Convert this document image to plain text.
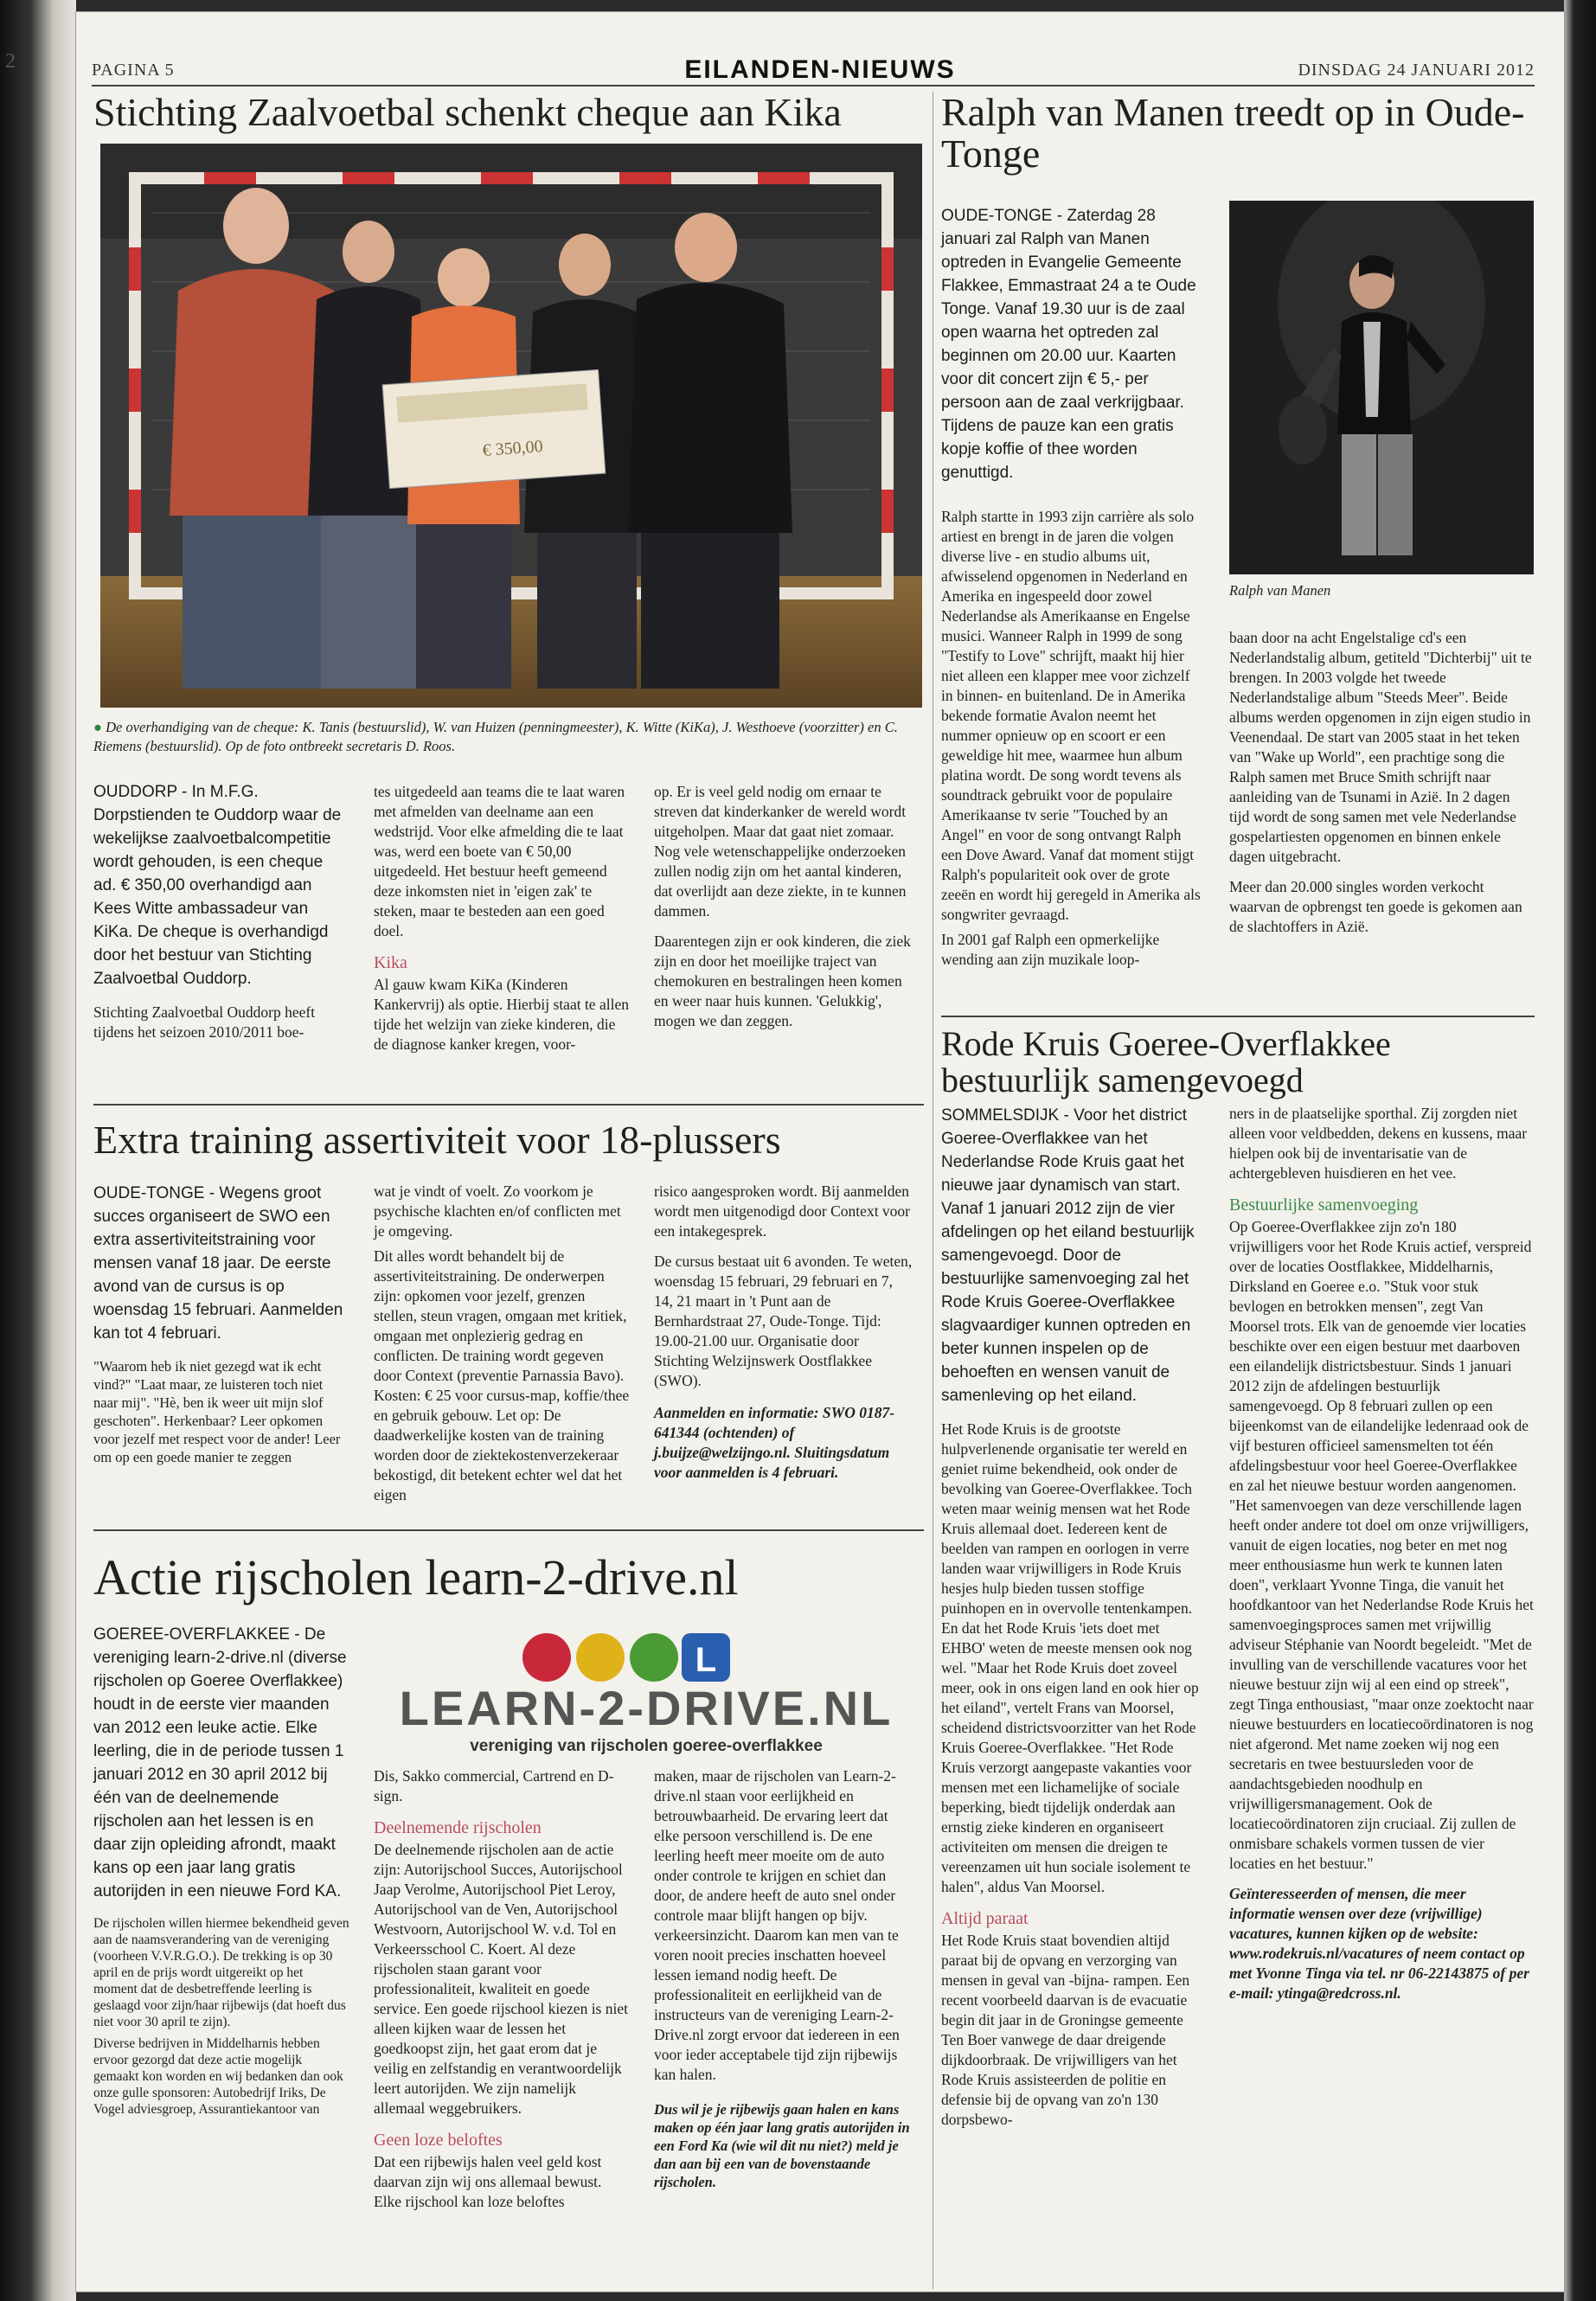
2	PAGINA 5	EILANDEN-NIEUWS	DINSDAG 24 JANUARI 2012
Stichting Zaalvoetbal schenkt cheque aan Kika
€ 350,00
● De overhandiging van de cheque: K. Tanis (bestuurslid), W. van Huizen (penningmeester), K. Witte (KiKa), J. Westhoeve (voorzitter) en C. Riemens (bestuurslid). Op de foto ontbreekt secretaris D. Roos.

OUDDORP - In M.F.G. Dorpstienden te Ouddorp waar de wekelijkse zaalvoetbalcompetitie wordt gehouden, is een cheque ad. € 350,00 overhandigd aan Kees Witte ambassadeur van KiKa. De cheque is overhandigd door het bestuur van Stichting Zaalvoetbal Ouddorp.

Stichting Zaalvoetbal Ouddorp heeft tijdens het seizoen 2010/2011 boe-

tes uitgedeeld aan teams die te laat waren met afmelden van deelname aan een wedstrijd. Voor elke afmelding die te laat was, werd een boete van € 50,00 uitgedeeld. Het bestuur heeft gemeend deze inkomsten niet in 'eigen zak' te steken, maar te besteden aan een goed doel.

Kika

Al gauw kwam KiKa (Kinderen Kankervrij) als optie. Hierbij staat te allen tijde het welzijn van zieke kinderen, die de diagnose kanker kregen, voor-

op. Er is veel geld nodig om ernaar te streven dat kinderkanker de wereld wordt uitgeholpen. Maar dat gaat niet zomaar. Nog vele wetenschappelijke onderzoeken zullen nodig zijn om het aantal kinderen, dat overlijdt aan deze ziekte, in te kunnen dammen.

Daarentegen zijn er ook kinderen, die ziek zijn en door het moeilijke traject van chemokuren en bestralingen heen komen en weer naar huis kunnen. 'Gelukkig', mogen we dan zeggen.

Ralph van Manen treedt op in Oude-Tonge
OUDE-TONGE - Zaterdag 28 januari zal Ralph van Manen optreden in Evangelie Gemeente Flakkee, Emmastraat 24 a te Oude Tonge. Vanaf 19.30 uur is de zaal open waarna het optreden zal beginnen om 20.00 uur. Kaarten voor dit concert zijn € 5,- per persoon aan de zaal verkrijgbaar. Tijdens de pauze kan een gratis kopje koffie of thee worden genuttigd.
Ralph van Manen

Ralph startte in 1993 zijn carrière als solo artiest en brengt in de jaren die volgen diverse live - en studio albums uit, afwisselend opgenomen in Nederland en Amerika en ingespeeld door zowel Nederlandse als Amerikaanse en Engelse musici. Wanneer Ralph in 1999 de song "Testify to Love" schrijft, maakt hij hier niet alleen een klapper mee voor zichzelf in binnen- en buitenland. De in Amerika bekende formatie Avalon neemt het nummer opnieuw op en scoort er een geweldige hit mee, waarmee hun album platina wordt. De song wordt tevens als soundtrack gebruikt voor de populaire Amerikaanse tv serie "Touched by an Angel" en voor de song ontvangt Ralph een Dove Award. Vanaf dat moment stijgt Ralph's populariteit ook over de grote zeeën en wordt hij geregeld in Amerika als songwriter gevraagd.

In 2001 gaf Ralph een opmerkelijke wending aan zijn muzikale loop-

baan door na acht Engelstalige cd's een Nederlandstalig album, getiteld "Dichterbij" uit te brengen. In 2003 volgde het tweede Nederlandstalige album "Steeds Meer". Beide albums werden opgenomen in zijn eigen studio in Veenendaal. De start van 2005 staat in het teken van "Wake up World", een prachtige song die Ralph samen met Bruce Smith schrijft naar aanleiding van de Tsunami in Azië. In 2 dagen tijd wordt de song samen met vele Nederlandse gospelartiesten opgenomen en binnen enkele dagen uitgebracht.

Meer dan 20.000 singles worden verkocht waarvan de opbrengst ten goede is gekomen aan de slachtoffers in Azië.

Extra training assertiviteit voor 18-plussers

OUDE-TONGE - Wegens groot succes organiseert de SWO een extra assertiviteitstraining voor mensen vanaf 18 jaar. De eerste avond van de cursus is op woensdag 15 februari. Aanmelden kan tot 4 februari.

"Waarom heb ik niet gezegd wat ik echt vind?" "Laat maar, ze luisteren toch niet naar mij". "Hè, ben ik weer uit mijn slof geschoten". Herkenbaar? Leer opkomen voor jezelf met respect voor de ander! Leer om op een goede manier te zeggen

wat je vindt of voelt. Zo voorkom je psychische klachten en/of conflicten met je omgeving.

Dit alles wordt behandelt bij de assertiviteitstraining. De onderwerpen zijn: opkomen voor jezelf, grenzen stellen, steun vragen, omgaan met kritiek, omgaan met onplezierig gedrag en conflicten. De training wordt gegeven door Context (preventie Parnassia Bavo). Kosten: € 25 voor cursus-map, koffie/thee en gebruik gebouw. Let op: De daadwerkelijke kosten van de training worden door de ziektekostenverzekeraar bekostigd, dit betekent echter wel dat het eigen

risico aangesproken wordt. Bij aanmelden wordt men uitgenodigd door Context voor een intakegesprek.

De cursus bestaat uit 6 avonden. Te weten, woensdag 15 februari, 29 februari en 7, 14, 21 maart in 't Punt aan de Bernhardstraat 27, Oude-Tonge. Tijd: 19.00-21.00 uur. Organisatie door Stichting Welzijnswerk Oostflakkee (SWO).

Aanmelden en informatie: SWO 0187-641344 (ochtenden) of j.buijze@welzijngo.nl. Sluitingsdatum voor aanmelden is 4 februari.

Rode Kruis Goeree-Overflakkee bestuurlijk samengevoegd

SOMMELSDIJK - Voor het district Goeree-Overflakkee van het Nederlandse Rode Kruis gaat het nieuwe jaar dynamisch van start. Vanaf 1 januari 2012 zijn de vier afdelingen op het eiland bestuurlijk samengevoegd. Door de bestuurlijke samenvoeging zal het Rode Kruis Goeree-Overflakkee slagvaardiger kunnen optreden en beter kunnen inspelen op de behoeften en wensen vanuit de samenleving op het eiland.

Het Rode Kruis is de grootste hulpverlenende organisatie ter wereld en geniet ruime bekendheid, ook onder de bevolking van Goeree-Overflakkee. Toch weten maar weinig mensen wat het Rode Kruis allemaal doet. Iedereen kent de beelden van rampen en oorlogen in verre landen waar vrijwilligers in Rode Kruis hesjes hulp bieden tussen stoffige puinhopen en in overvolle tentenkampen. En dat het Rode Kruis 'iets doet met EHBO' weten de meeste mensen ook nog wel. "Maar het Rode Kruis doet zoveel meer, ook in ons eigen land en ook hier op het eiland", vertelt Frans van Moorsel, scheidend districtsvoorzitter van het Rode Kruis Goeree-Overflakkee. "Het Rode Kruis verzorgt aangepaste vakanties voor mensen met een lichamelijke of sociale beperking, biedt tijdelijk onderdak aan ernstig zieke kinderen en organiseert activiteiten om mensen die dreigen te vereenzamen uit hun sociale isolement te halen", aldus Van Moorsel.

Altijd paraat

Het Rode Kruis staat bovendien altijd paraat bij de opvang en verzorging van mensen in geval van -bijna- rampen. Een recent voorbeeld daarvan is de evacuatie begin dit jaar in de Groningse gemeente Ten Boer vanwege de daar dreigende dijkdoorbraak. De vrijwilligers van het Rode Kruis assisteerden de politie en defensie bij de opvang van zo'n 130 dorpsbewo-

ners in de plaatselijke sporthal. Zij zorgden niet alleen voor veldbedden, dekens en kussens, maar hielpen ook bij de inventarisatie van de achtergebleven huisdieren en het vee.

Bestuurlijke samenvoeging

Op Goeree-Overflakkee zijn zo'n 180 vrijwilligers voor het Rode Kruis actief, verspreid over de locaties Oostflakkee, Middelharnis, Dirksland en Goeree e.o. "Stuk voor stuk bevlogen en betrokken mensen", zegt Van Moorsel trots. Elk van de genoemde vier locaties beschikte over een eigen bestuur met daarboven een eilandelijk districtsbestuur. Sinds 1 januari 2012 zijn de afdelingen bestuurlijk samengevoegd. Op 8 februari zullen op een bijeenkomst van de eilandelijke ledenraad ook de vijf besturen officieel samensmelten tot één afdelingsbestuur voor heel Goeree-Overflakkee en zal het nieuwe bestuur worden aangenomen. "Het samenvoegen van deze verschillende lagen heeft onder andere tot doel om onze vrijwilligers, vanuit de eigen locaties, nog beter en met nog meer enthousiasme hun werk te kunnen laten doen", verklaart Yvonne Tinga, die vanuit het hoofdkantoor van het Nederlandse Rode Kruis het samenvoegingsproces samen met vrijwillig adviseur Stéphanie van Noordt begeleidt. "Met de invulling van de verschillende vacatures voor het nieuwe bestuur zijn wij al een eind op streek", zegt Tinga enthousiast, "maar onze zoektocht naar nieuwe bestuurders en locatiecoördinatoren is nog niet afgerond. Met name zoeken wij nog een secretaris en twee bestuursleden voor de aandachtsgebieden noodhulp en vrijwilligersmanagement. Ook de locatiecoördinatoren zijn cruciaal. Zij zullen de onmisbare schakels vormen tussen de vier locaties en het bestuur."

Geïnteresseerden of mensen, die meer informatie wensen over deze (vrijwillige) vacatures, kunnen kijken op de website: www.rodekruis.nl/vacatures of neem contact op met Yvonne Tinga via tel. nr 06-22143875 of per e-mail: ytinga@redcross.nl.

Actie rijscholen learn-2-drive.nl

GOEREE-OVERFLAKKEE - De vereniging learn-2-drive.nl (diverse rijscholen op Goeree Overflakkee) houdt in de eerste vier maanden van 2012 een leuke actie. Elke leerling, die in de periode tussen 1 januari 2012 en 30 april 2012 bij één van de deelnemende rijscholen aan het lessen is en daar zijn opleiding afrondt, maakt kans op een jaar lang gratis autorijden in een nieuwe Ford KA.

De rijscholen willen hiermee bekendheid geven aan de naamsverandering van de vereniging (voorheen V.V.R.G.O.). De trekking is op 30 april en de prijs wordt uitgereikt op het moment dat de desbetreffende leerling is geslaagd voor zijn/haar rijbewijs (dat hoeft dus niet voor 30 april te zijn).

Diverse bedrijven in Middelharnis hebben ervoor gezorgd dat deze actie mogelijk gemaakt kon worden en wij bedanken dan ook onze gulle sponsoren: Autobedrijf Iriks, De Vogel adviesgroep, Assurantiekantoor van

L
LEARN-2-DRIVE.NL
vereniging van rijscholen goeree-overflakkee

Dis, Sakko commercial, Cartrend en D-sign.

Deelnemende rijscholen

De deelnemende rijscholen aan de actie zijn: Autorijschool Succes, Autorijschool Jaap Verolme, Autorijschool Piet Leroy, Autorijschool van de Ven, Autorijschool Westvoorn, Autorijschool W. v.d. Tol en Verkeersschool C. Koert. Al deze rijscholen staan garant voor professionaliteit, kwaliteit en goede service. Een goede rijschool kiezen is niet alleen kijken waar de lessen het goedkoopst zijn, het gaat erom dat je veilig en zelfstandig en verantwoordelijk leert autorijden. We zijn namelijk allemaal weggebruikers.

Geen loze beloftes

Dat een rijbewijs halen veel geld kost daarvan zijn wij ons allemaal bewust. Elke rijschool kan loze beloftes

maken, maar de rijscholen van Learn-2-drive.nl staan voor eerlijkheid en betrouwbaarheid. De ervaring leert dat elke persoon verschillend is. De ene leerling heeft meer moeite om de auto onder controle te krijgen en schiet dan door, de andere heeft de auto snel onder controle maar blijft hangen op bijv. verkeersinzicht. Daarom kan men van te voren nooit precies inschatten hoeveel lessen iemand nodig heeft. De professionaliteit en eerlijkheid van de instructeurs van de vereniging Learn-2-Drive.nl zorgt ervoor dat iedereen in een voor ieder acceptabele tijd zijn rijbewijs kan halen.

Dus wil je je rijbewijs gaan halen en kans maken op één jaar lang gratis autorijden in een Ford Ka (wie wil dit nu niet?) meld je dan aan bij een van de bovenstaande rijscholen.
